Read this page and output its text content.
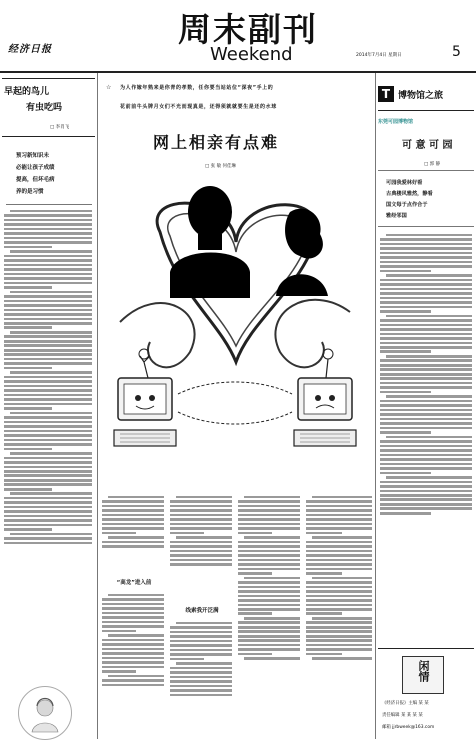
经济日报
周末副刊
Weekend	2014年7月4日 星期日	5
☆ 为人作嫁年熟来是你青的孝数，任你要当站站位“深夜”手上的
花前前牛头牌月女们不光而现真是，还得须就就要生是还的水球
早起的鸟儿
有虫吃吗
□ 李肖飞
预习新知识未
必能让孩子成绩
提高，但坏毛病
养的是习惯
网上相亲有点难
□ 张 敏 何佳琳
“高龙”进入前
线索我开泛满
T 博物馆之旅
东莞可园博物馆
可 意 可 园
□ 郭 静
可园我爱林好看
古典楼风雅然，静看
国文每于点作合于
雅经邻国
闲情
《经济日报》主编 某 某
责任编辑 某 某 某 某
邮箱 jjrbweek@163.com
